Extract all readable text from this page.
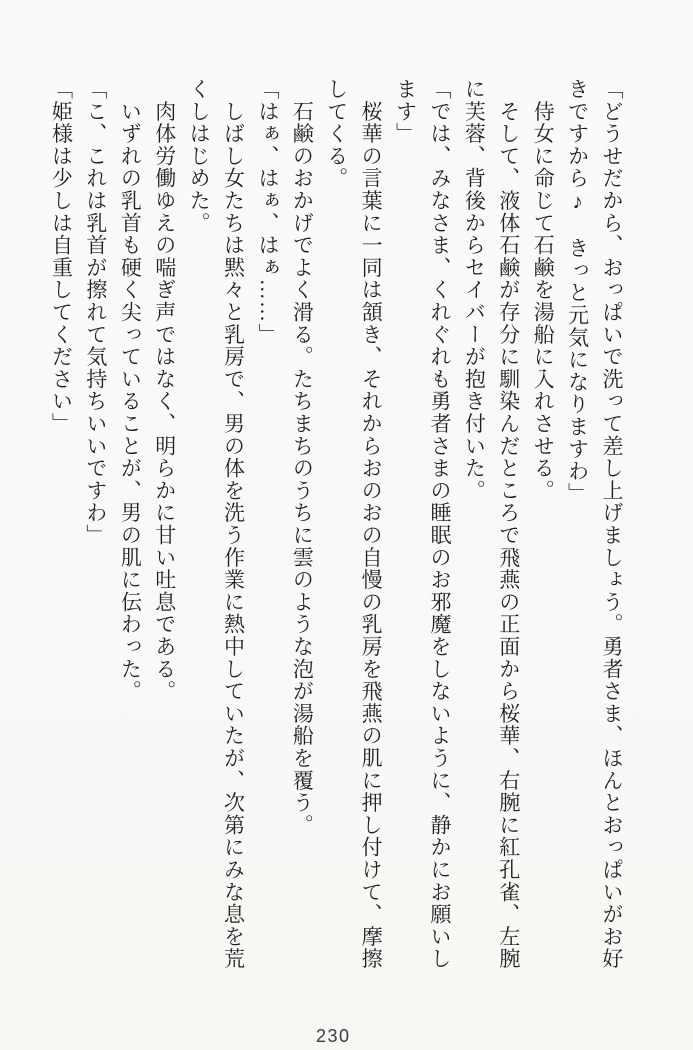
「どうせだから、おっぱいで洗って差し上げましょう。勇者さま、ほんとおっぱいがお好

きですから♪　きっと元気になりますわ」

　侍女に命じて石鹸を湯船に入れさせる。

　そして、液体石鹸が存分に馴染んだところで飛燕の正面から桜華、右腕に紅孔雀、左腕

に芙蓉、背後からセイバーが抱き付いた。

「では、みなさま、くれぐれも勇者さまの睡眠のお邪魔をしないように、静かにお願いし

ます」

　桜華の言葉に一同は頷き、それからおのおの自慢の乳房を飛燕の肌に押し付けて、摩擦

してくる。

　石鹸のおかげでよく滑る。たちまちのうちに雲のような泡が湯船を覆う。

「はぁ、はぁ、はぁ……」

　しばし女たちは黙々と乳房で、男の体を洗う作業に熱中していたが、次第にみな息を荒

くしはじめた。

　肉体労働ゆえの喘ぎ声ではなく、明らかに甘い吐息である。

　いずれの乳首も硬く尖っていることが、男の肌に伝わった。

「こ、これは乳首が擦れて気持ちいいですわ」

「姫様は少しは自重してください」

230
